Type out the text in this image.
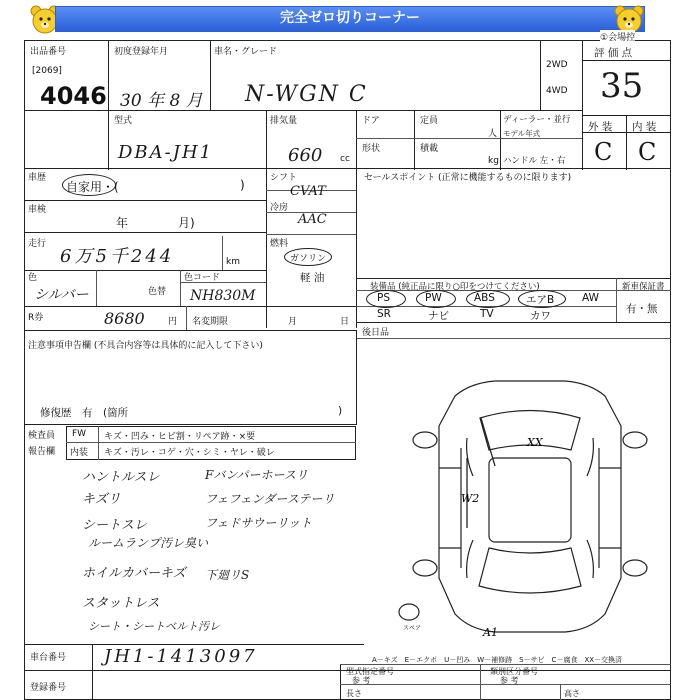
完全ゼロ切りコーナー
出品番号
[2069]
4046
初度登録年月
30 年 8 月
車名・グレード
N-WGN C
2WD
4WD
評 価 点
35
①会場控
型式
DBA-JH1
排気量
660 cc
ドア	定員
人
ディーラー・並行
モデル年式
形状	積載
kg ハンドル 左・右
外 装 内 装
C C
車歴
自家用・(	)
車検
年	月)
走行
6万5千244	km
色
シルバー	色替
色コード
NH830M
シフト
CVAT
冷房
AAC
燃料
ガソリン
軽 油
R券	8680	円 名変期限	月	日
セールスポイント (正常に機能するものに限ります)
装備品 (純正品に限り○印をつけてください)	新車保証書
有・無
PS	PW	ABS	エアB	AW
SR	ナビ	TV	カワ
後日品
注意事項申告欄 (不具合内容等は具体的に記入して下さい)
修復歴　有　(箇所	)
検査員
報告欄
FW キズ・凹み・ヒビ割・リペア跡・×要
内装 キズ・汚レ・コゲ・穴・シミ・ヤレ・破レ
ハントルスレ
キズリ
シートスレ
ルームランプ汚レ臭い
ホイルカバーキズ
スタットレス
シート・シートベルト汚レ
Fバンパーホースリ
フェフェンダーステーリ
フェドサウーリット
下廻リS
XX
W2
A1
スペア
A－キズ　E－エクボ　U－凹み　W－補修跡　S－サビ　C－腐食　XX－交換済
車台番号 JH1-1413097
登録番号
型式指定番号	類別区分番号
参 考	参 考
長さ	高さ
